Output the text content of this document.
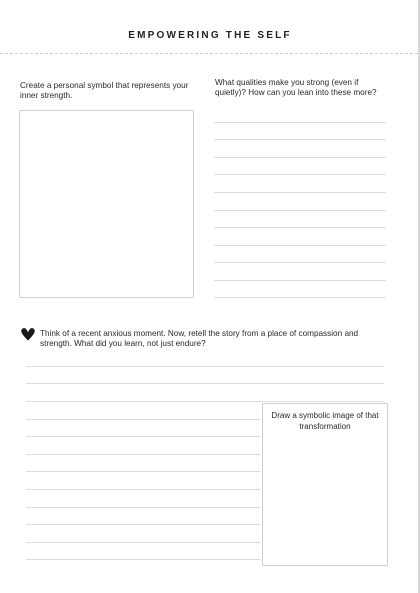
EMPOWERING THE SELF
Create a personal symbol that represents your inner strength.
What qualities make you strong (even if quietly)? How can you lean into these more?
Think of a recent anxious moment. Now, retell the story from a place of compassion and strength. What did you learn, not just endure?
Draw a symbolic image of that transformation
